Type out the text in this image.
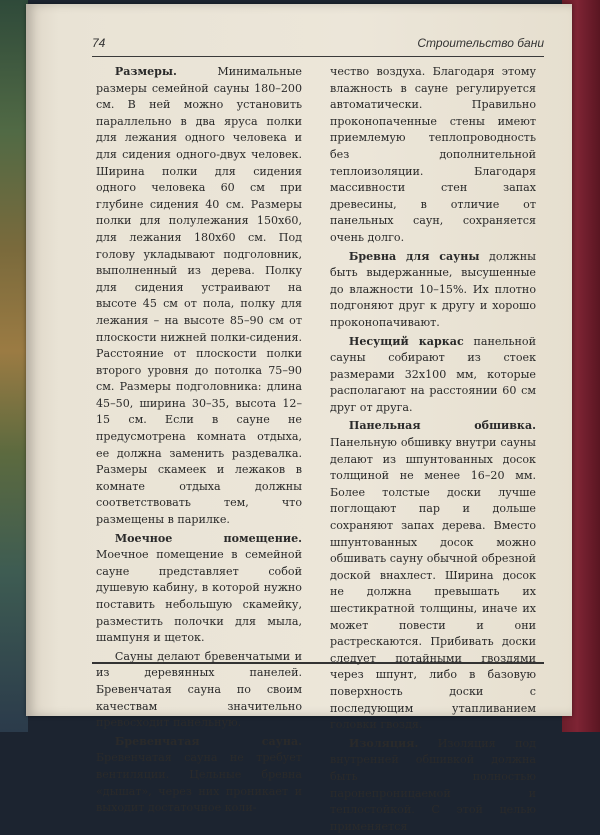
74	Строительство бани

Размеры. Минимальные размеры семейной сауны 180–200 см. В ней можно установить параллельно в два яруса полки для лежания одного человека и для сидения одного-двух человек. Ширина полки для сидения одного человека 60 см при глубине сидения 40 см. Размеры полки для полулежания 150х60, для лежания 180х60 см. Под голову укладывают подголовник, выполненный из дерева. Полку для сидения устраивают на высоте 45 см от пола, полку для лежания – на высоте 85–90 см от плоскости нижней полки-сидения. Расстояние от плоскости полки второго уровня до потолка 75–90 см. Размеры подголовника: длина 45–50, ширина 30–35, высота 12–15 см. Если в сауне не предусмотрена комната отдыха, ее должна заменить раздевалка. Размеры скамеек и лежаков в комнате отдыха должны соответствовать тем, что размещены в парилке.

Моечное помещение. Моечное помещение в семейной сауне представляет собой душевую кабину, в которой нужно поставить небольшую скамейку, разместить полочки для мыла, шампуня и щеток.

Сауны делают бревенчатыми и из деревянных панелей. Бревенчатая сауна по своим качествам значительно превосходит панельную.

Бревенчатая сауна. Бревенчатая сауна не требует вентиляции. Цельные бревна «дышат», через них проникает и выходит достаточное коли-

чество воздуха. Благодаря этому влажность в сауне регулируется автоматически. Правильно проконопаченные стены имеют приемлемую теплопроводность без дополнительной теплоизоляции. Благодаря массивности стен запах древесины, в отличие от панельных саун, сохраняется очень долго.

Бревна для сауны должны быть выдержанные, высушенные до влажности 10–15%. Их плотно подгоняют друг к другу и хорошо проконопачивают.

Несущий каркас панельной сауны собирают из стоек размерами 32х100 мм, которые располагают на расстоянии 60 см друг от друга.

Панельная обшивка. Панельную обшивку внутри сауны делают из шпунтованных досок толщиной не менее 16–20 мм. Более толстые доски лучше поглощают пар и дольше сохраняют запах дерева. Вместо шпунтованных досок можно обшивать сауну обычной обрезной доской внахлест. Ширина досок не должна превышать их шестикратной толщины, иначе их может повести и они растрескаются. Прибивать доски следует потайными гвоздями через шпунт, либо в базовую поверхность доски с последующим утапливанием головки гвоздя.

Изоляция. Изоляция под внутренней обшивкой должна быть полностью паронепроницаемой и теплостойкой. С этой целью применяется
